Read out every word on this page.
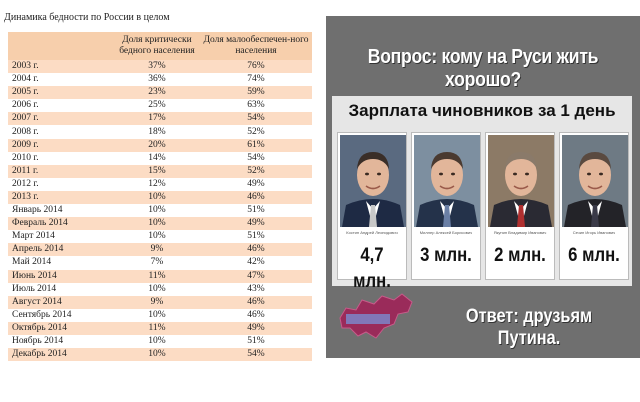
Динамика бедности по России в целом
	Доля критически бедного населения	Доля малообеспечен-ного населения
2003 г.	37%	76%
2004 г.	36%	74%
2005 г.	23%	59%
2006 г.	25%	63%
2007 г.	17%	54%
2008 г.	18%	52%
2009 г.	20%	61%
2010 г.	14%	54%
2011 г.	15%	52%
2012 г.	12%	49%
2013 г.	10%	46%
Январь 2014	10%	51%
Февраль 2014	10%	49%
Март 2014	10%	51%
Апрель 2014	9%	46%
Май 2014	7%	42%
Июнь 2014	11%	47%
Июль 2014	10%	43%
Август 2014	9%	46%
Сентябрь 2014	10%	46%
Октябрь 2014	11%	49%
Ноябрь 2014	10%	51%
Декабрь 2014	10%	54%
Вопрос: кому на Руси жить хорошо?
Зарплата чиновников за 1 день
Костин Андрей Леонидович
4,7 млн.
Миллер Алексей Борисович
3 млн.
Якунин Владимир Иванович
2 млн.
Сечин Игорь Иванович
6 млн.
Ответ: друзьям Путина.
